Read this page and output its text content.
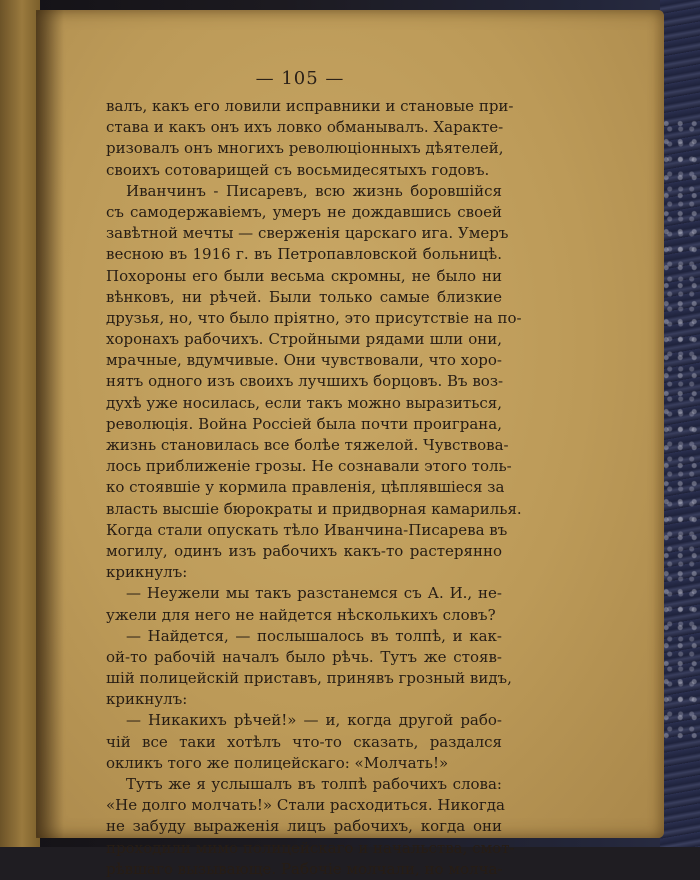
— 105 —
валъ, какъ его ловили исправники и становые при-
става и какъ онъ ихъ ловко обманывалъ. Характе-
ризовалъ онъ многихъ революціонныхъ дѣятелей,
своихъ сотоварищей съ восьмидесятыхъ годовъ.
Иванчинъ - Писаревъ, всю жизнь боровшійся
съ самодержавіемъ, умеръ не дождавшись своей
завѣтной мечты — сверженія царскаго ига. Умеръ
весною въ 1916 г. въ Петропавловской больницѣ.
Похороны его были весьма скромны, не было ни
вѣнковъ, ни рѣчей. Были только самые близкие
друзья, но, что было пріятно, это присутствіе на по-
хоронахъ рабочихъ. Стройными рядами шли они,
мрачные, вдумчивые. Они чувствовали, что хоро-
нятъ одного изъ своихъ лучшихъ борцовъ. Въ воз-
духѣ уже носилась, если такъ можно выразиться,
революція. Война Россіей была почти проиграна,
жизнь становилась все болѣе тяжелой. Чувствова-
лось приближеніе грозы. Не сознавали этого толь-
ко стоявшіе у кормила правленія, цѣплявшіеся за
власть высшіе бюрократы и придворная камарилья.
Когда стали опускать тѣло Иванчина-Писарева въ
могилу, одинъ изъ рабочихъ какъ-то растерянно
крикнулъ:
— Неужели мы такъ разстанемся съ А. И., не-
ужели для него не найдется нѣсколькихъ словъ?
— Найдется, — послышалось въ толпѣ, и как-
ой-то рабочій началъ было рѣчь. Тутъ же стояв-
шій полицейскій приставъ, принявъ грозный видъ,
крикнулъ:
— Никакихъ рѣчей!» — и, когда другой рабо-
чій все таки хотѣлъ что-то сказать, раздался
окликъ того же полицейскаго: «Молчать!»
Тутъ же я услышалъ въ толпѣ рабочихъ слова:
«Не долго молчать!» Стали расходиться. Никогда
не забуду выраженія лицъ рабочихъ, когда они
проходили мимо полицейскаго и начальства, смот-
рѣвшаго вызывающе. Рабочіе молчали, но молча-
